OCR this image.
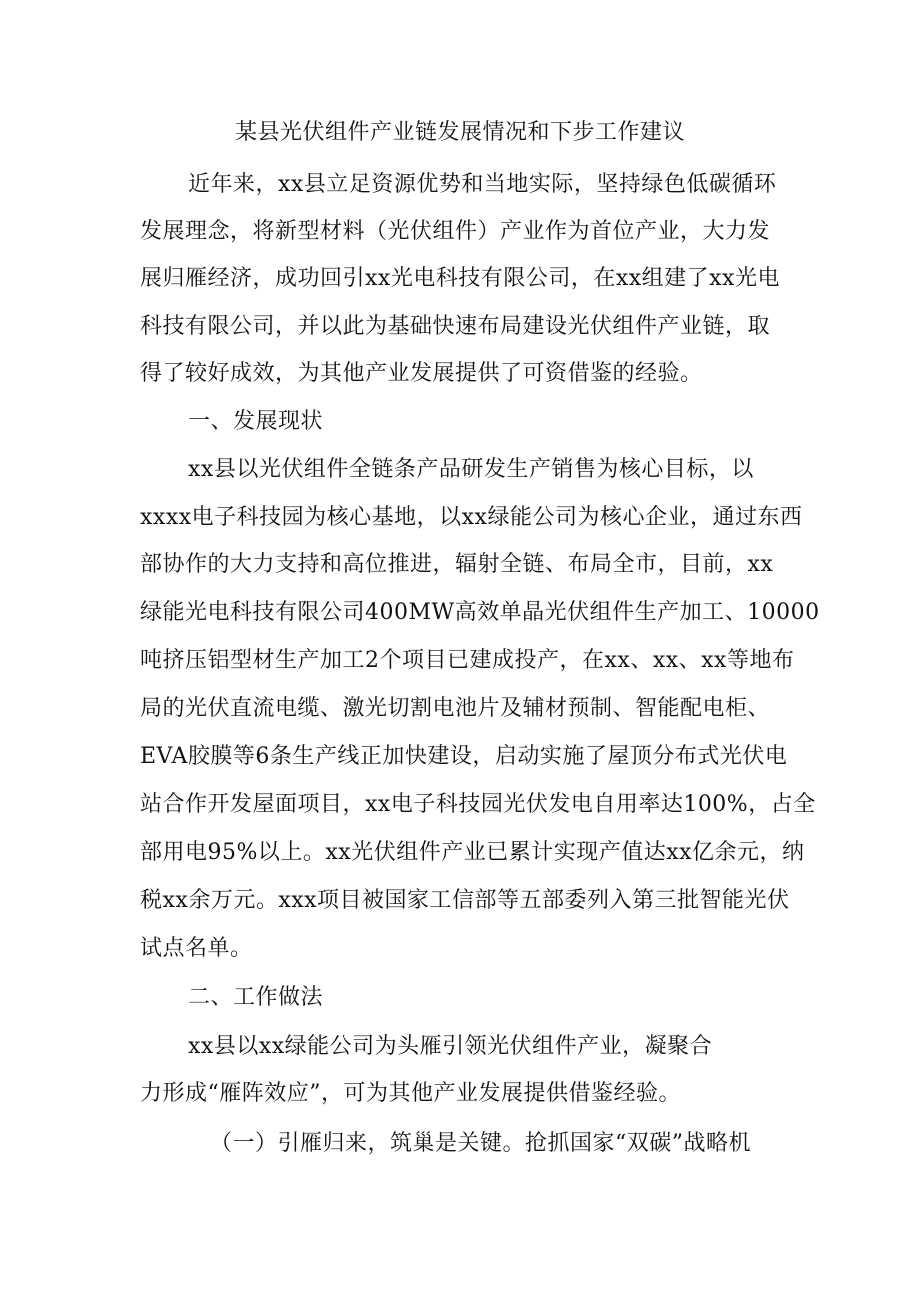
某县光伏组件产业链发展情况和下步工作建议
近年来，xx县立足资源优势和当地实际，坚持绿色低碳循环
发展理念，将新型材料（光伏组件）产业作为首位产业，大力发
展归雁经济，成功回引xx光电科技有限公司，在xx组建了xx光电
科技有限公司，并以此为基础快速布局建设光伏组件产业链，取
得了较好成效，为其他产业发展提供了可资借鉴的经验。
一、发展现状
xx县以光伏组件全链条产品研发生产销售为核心目标，以
xxxx电子科技园为核心基地，以xx绿能公司为核心企业，通过东西
部协作的大力支持和高位推进，辐射全链、布局全市，目前，xx
绿能光电科技有限公司400MW高效单晶光伏组件生产加工、10000
吨挤压铝型材生产加工2个项目已建成投产，在xx、xx、xx等地布
局的光伏直流电缆、激光切割电池片及辅材预制、智能配电柜、
EVA胶膜等6条生产线正加快建设，启动实施了屋顶分布式光伏电
站合作开发屋面项目，xx电子科技园光伏发电自用率达100%，占全
部用电95%以上。xx光伏组件产业已累计实现产值达xx亿余元，纳
税xx余万元。xxx项目被国家工信部等五部委列入第三批智能光伏
试点名单。
二、工作做法
xx县以xx绿能公司为头雁引领光伏组件产业，凝聚合
力形成“雁阵效应”，可为其他产业发展提供借鉴经验。
（一）引雁归来，筑巢是关键。抢抓国家“双碳”战略机
